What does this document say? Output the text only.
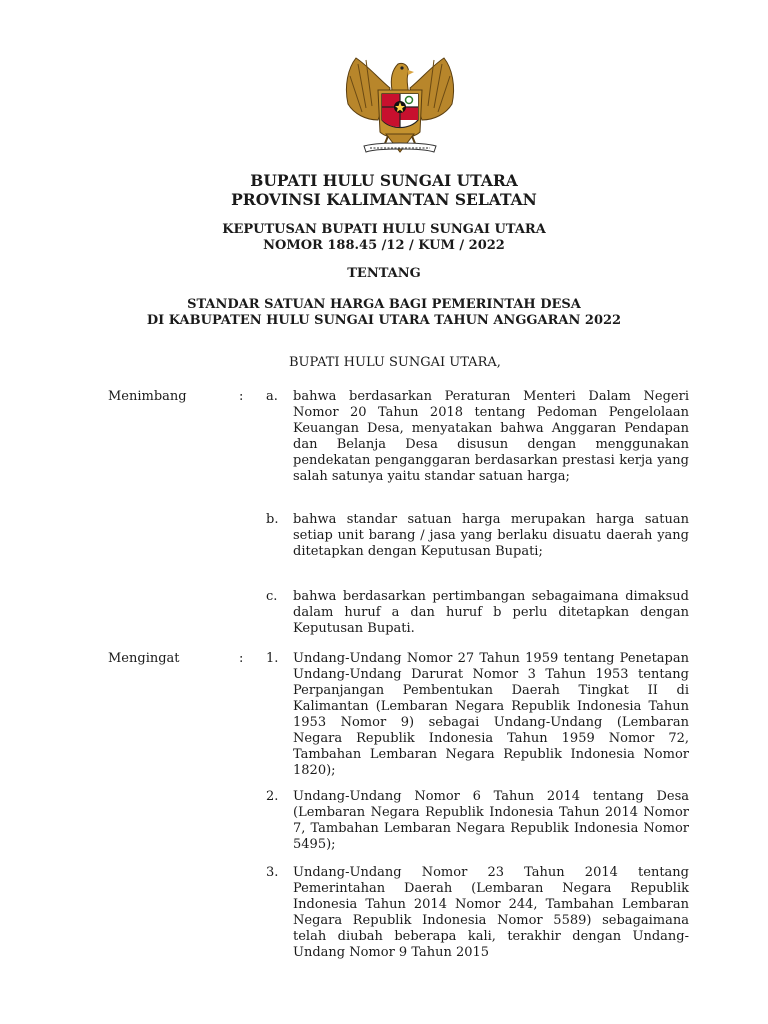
BUPATI HULU SUNGAI UTARA
PROVINSI KALIMANTAN SELATAN
KEPUTUSAN BUPATI HULU SUNGAI UTARA
NOMOR 188.45 /12 / KUM / 2022
TENTANG
STANDAR SATUAN HARGA BAGI PEMERINTAH DESA
DI KABUPATEN HULU SUNGAI UTARA TAHUN ANGGARAN 2022
BUPATI HULU SUNGAI UTARA,
Menimbang	: a. bahwa berdasarkan Peraturan Menteri Dalam Negeri Nomor 20 Tahun 2018 tentang Pedoman Pengelolaan Keuangan Desa, menyatakan bahwa Anggaran Pendapan dan Belanja Desa disusun dengan menggunakan pendekatan penganggaran berdasarkan prestasi kerja yang salah satunya yaitu standar satuan harga;
b. bahwa standar satuan harga merupakan harga satuan setiap unit barang / jasa yang berlaku disuatu daerah yang ditetapkan dengan Keputusan Bupati;
c. bahwa berdasarkan pertimbangan sebagaimana dimaksud dalam huruf a dan huruf b perlu ditetapkan dengan Keputusan Bupati.
Mengingat	: 1. Undang-Undang Nomor 27 Tahun 1959 tentang Penetapan Undang-Undang Darurat Nomor 3 Tahun 1953 tentang Perpanjangan Pembentukan Daerah Tingkat II di Kalimantan (Lembaran Negara Republik Indonesia Tahun 1953 Nomor 9) sebagai Undang-Undang (Lembaran Negara Republik Indonesia Tahun 1959 Nomor 72, Tambahan Lembaran Negara Republik Indonesia Nomor 1820);
2. Undang-Undang Nomor 6 Tahun 2014 tentang Desa (Lembaran Negara Republik Indonesia Tahun 2014 Nomor 7, Tambahan Lembaran Negara Republik Indonesia Nomor 5495);
3. Undang-Undang Nomor 23 Tahun 2014 tentang Pemerintahan Daerah (Lembaran Negara Republik Indonesia Tahun 2014 Nomor 244, Tambahan Lembaran Negara Republik Indonesia Nomor 5589) sebagaimana telah diubah beberapa kali, terakhir dengan Undang-Undang Nomor 9 Tahun 2015
